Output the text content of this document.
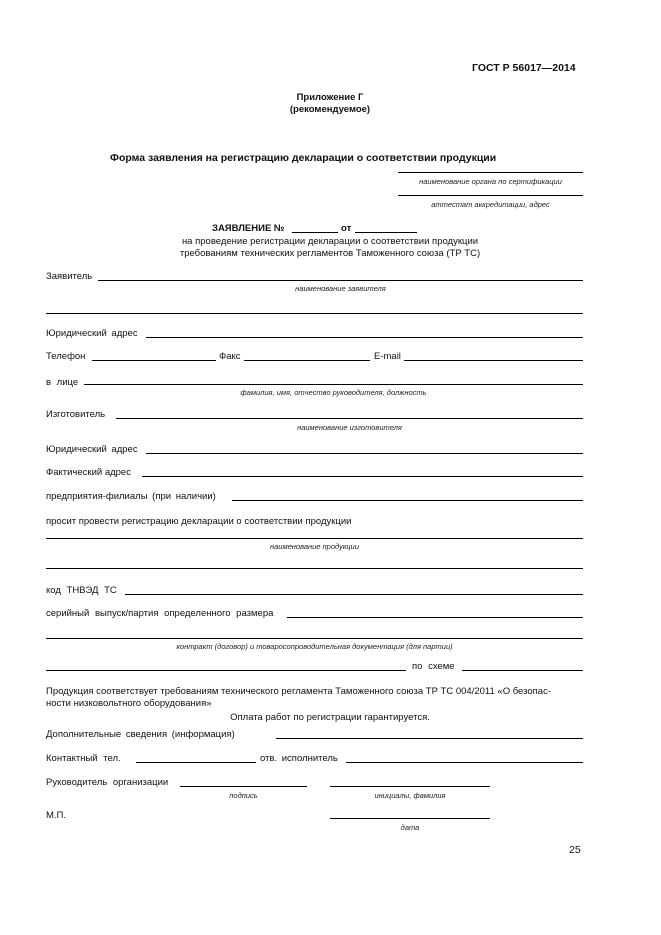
ГОСТ Р 56017—2014
Приложение Г
(рекомендуемое)
Форма заявления на регистрацию декларации о соответствии продукции
наименование органа по сертификации
аттестат аккредитации, адрес
ЗАЯВЛЕНИЕ №	от
на проведение регистрации декларации о соответствии продукции
требованиям технических регламентов Таможенного союза (ТР ТС)
Заявитель
наименование заявителя
Юридический адрес
Телефон	Факс	E-mail
в лице
фамилия, имя, отчество руководителя, должность
Изготовитель
наименование изготовителя
Юридический адрес
Фактический адрес
предприятия-филиалы (при наличии)
просит провести регистрацию декларации о соответствии продукции
наименование продукции
код ТНВЭД ТС
серийный выпуск/партия определенного размера
контракт (договор) и товаросопроводительная документация (для партии)
по схеме
Продукция соответствует требованиям технического регламента Таможенного союза ТР ТС 004/2011 «О безопас-
ности низковольтного оборудования»
Оплата работ по регистрации гарантируется.
Дополнительные сведения (информация)
Контактный тел.	отв. исполнитель
Руководитель организации
подпись	инициалы, фамилия
М.П.
дата
25
